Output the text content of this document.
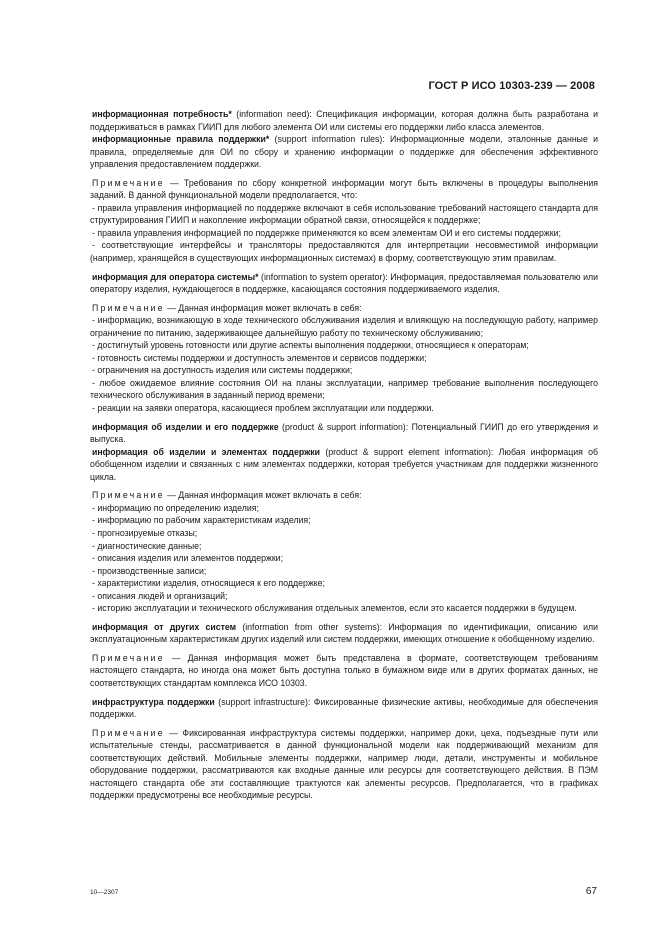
ГОСТ Р ИСО 10303-239 — 2008

информационная потребность* (information need): Спецификация информации, которая должна быть разработана и поддерживаться в рамках ГИИП для любого элемента ОИ или системы его поддержки либо класса элементов.

информационные правила поддержки* (support information rules): Информационные модели, эталонные данные и правила, определяемые для ОИ по сбору и хранению информации о поддержке для обеспечения эффективного управления предоставлением поддержки.

Примечание — Требования по сбору конкретной информации могут быть включены в процедуры выполнения заданий. В данной функциональной модели предполагается, что:

- правила управления информацией по поддержке включают в себя использование требований настоящего стандарта для структурирования ГИИП и накопление информации обратной связи, относящейся к поддержке;

- правила управления информацией по поддержке применяются ко всем элементам ОИ и его системы поддержки;

- соответствующие интерфейсы и трансляторы предоставляются для интерпретации несовместимой информации (например, хранящейся в существующих информационных системах) в форму, соответствующую этим правилам.

информация для оператора системы* (information to system operator): Информация, предоставляемая пользователю или оператору изделия, нуждающегося в поддержке, касающаяся состояния поддерживаемого изделия.

Примечание — Данная информация может включать в себя:

- информацию, возникающую в ходе технического обслуживания изделия и влияющую на последующую работу, например ограничение по питанию, задерживающее дальнейшую работу по техническому обслуживанию;

- достигнутый уровень готовности или другие аспекты выполнения поддержки, относящиеся к операторам;

- готовность системы поддержки и доступность элементов и сервисов поддержки;

- ограничения на доступность изделия или системы поддержки;

- любое ожидаемое влияние состояния ОИ на планы эксплуатации, например требование выполнения последующего технического обслуживания в заданный период времени;

- реакции на заявки оператора, касающиеся проблем эксплуатации или поддержки.

информация об изделии и его поддержке (product & support information): Потенциальный ГИИП до его утверждения и выпуска.

информация об изделии и элементах поддержки (product & support element information): Любая информация об обобщенном изделии и связанных с ним элементах поддержки, которая требуется участникам для поддержки жизненного цикла.

Примечание — Данная информация может включать в себя:

- информацию по определению изделия;

- информацию по рабочим характеристикам изделия;

- прогнозируемые отказы;

- диагностические данные;

- описания изделия или элементов поддержки;

- производственные записи;

- характеристики изделия, относящиеся к его поддержке;

- описания людей и организаций;

- историю эксплуатации и технического обслуживания отдельных элементов, если это касается поддержки в будущем.

информация от других систем (information from other systems): Информация по идентификации, описанию или эксплуатационным характеристикам других изделий или систем поддержки, имеющих отношение к обобщенному изделию.

Примечание — Данная информация может быть представлена в формате, соответствующем требованиям настоящего стандарта, но иногда она может быть доступна только в бумажном виде или в других форматах данных, не соответствующих стандартам комплекса ИСО 10303.

инфраструктура поддержки (support infrastructure): Фиксированные физические активы, необходимые для обеспечения поддержки.

Примечание — Фиксированная инфраструктура системы поддержки, например доки, цеха, подъездные пути или испытательные стенды, рассматривается в данной функциональной модели как поддерживающий механизм для соответствующих действий. Мобильные элементы поддержки, например люди, детали, инструменты и мобильное оборудование поддержки, рассматриваются как входные данные или ресурсы для соответствующего действия. В ПЭМ настоящего стандарта обе эти составляющие трактуются как элементы ресурсов. Предполагается, что в графиках поддержки предусмотрены все необходимые ресурсы.

10—2307	67
